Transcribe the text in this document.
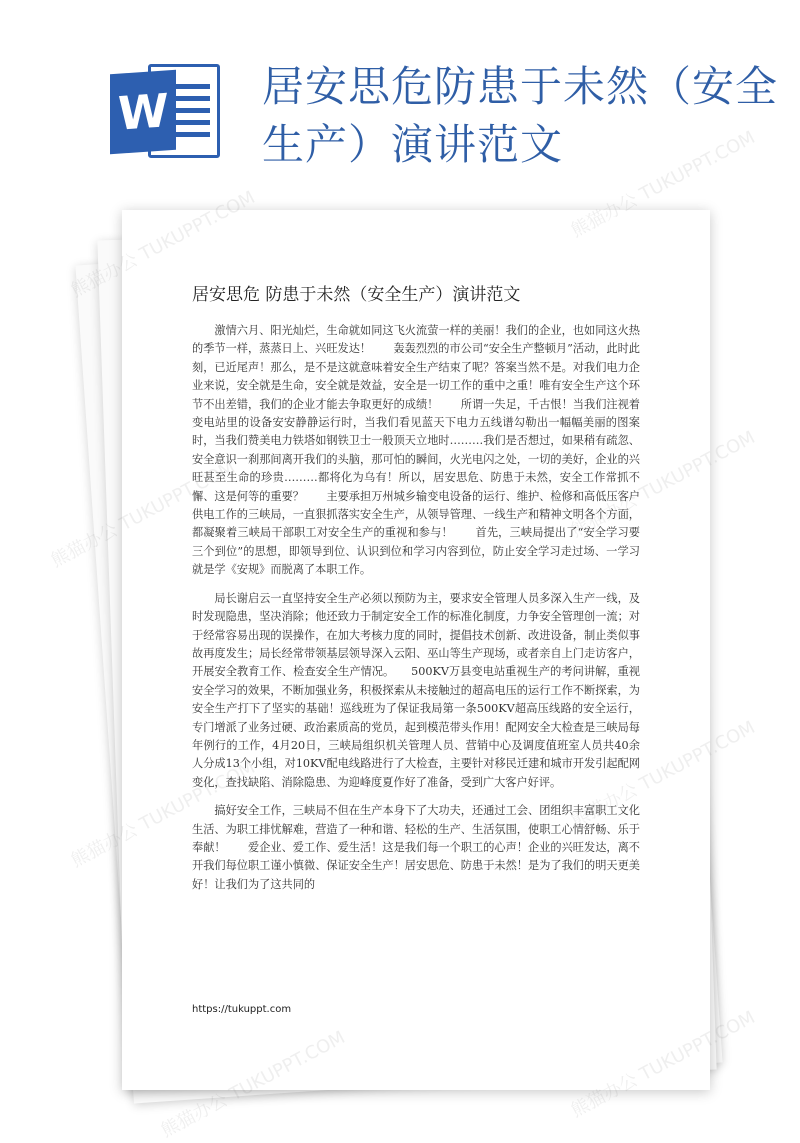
W 居安思危防患于未然（安全生产）演讲范文
居安思危 防患于未然（安全生产）演讲范文

激情六月、阳光灿烂，生命就如同这飞火流萤一样的美丽！我们的企业，也如同这火热的季节一样，蒸蒸日上、兴旺发达！　　轰轰烈烈的市公司“安全生产整顿月”活动，此时此刻，已近尾声！那么，是不是这就意味着安全生产结束了呢？答案当然不是。对我们电力企业来说，安全就是生命，安全就是效益，安全是一切工作的重中之重！唯有安全生产这个环节不出差错，我们的企业才能去争取更好的成绩！　　所谓一失足，千古恨！当我们注视着变电站里的设备安安静静运行时，当我们看见蓝天下电力五线谱勾勒出一幅幅美丽的图案时，当我们赞美电力铁塔如钢铁卫士一般顶天立地时………我们是否想过，如果稍有疏忽、安全意识一刹那间离开我们的头脑，那可怕的瞬间，火光电闪之处，一切的美好，企业的兴旺甚至生命的珍贵………都将化为乌有！所以，居安思危、防患于未然，安全工作常抓不懈、这是何等的重要？　　主要承担万州城乡输变电设备的运行、维护、检修和高低压客户供电工作的三峡局，一直狠抓落实安全生产，从领导管理、一线生产和精神文明各个方面，都凝聚着三峡局干部职工对安全生产的重视和参与！　　首先，三峡局提出了“安全学习要三个到位”的思想，即领导到位、认识到位和学习内容到位，防止安全学习走过场、一学习就是学《安规》而脱离了本职工作。

局长谢启云一直坚持安全生产必须以预防为主，要求安全管理人员多深入生产一线，及时发现隐患，坚决消除；他还致力于制定安全工作的标准化制度，力争安全管理创一流；对于经常容易出现的误操作，在加大考核力度的同时，提倡技术创新、改进设备，制止类似事故再度发生；局长经常带领基层领导深入云阳、巫山等生产现场，或者亲自上门走访客户，开展安全教育工作、检查安全生产情况。　　500KV万县变电站重视生产的考问讲解，重视安全学习的效果，不断加强业务，积极探索从未接触过的超高电压的运行工作不断探索，为安全生产打下了坚实的基础！巡线班为了保证我局第一条500KV超高压线路的安全运行，专门增派了业务过硬、政治素质高的党员，起到模范带头作用！配网安全大检查是三峡局每年例行的工作，4月20日，三峡局组织机关管理人员、营销中心及调度值班室人员共40余人分成13个小组，对10KV配电线路进行了大检查，主要针对移民迁建和城市开发引起配网变化，查找缺陷、消除隐患、为迎峰度夏作好了准备，受到广大客户好评。

搞好安全工作，三峡局不但在生产本身下了大功夫，还通过工会、团组织丰富职工文化生活、为职工排忧解难，营造了一种和谐、轻松的生产、生活氛围，使职工心情舒畅、乐于奉献！　　爱企业、爱工作、爱生活！这是我们每一个职工的心声！企业的兴旺发达，离不开我们每位职工谨小慎微、保证安全生产！居安思危、防患于未然！是为了我们的明天更美好！让我们为了这共同的

https://tukuppt.com
熊猫办公 TUKUPPT.COM
熊猫办公
熊猫办公
熊猫办公
